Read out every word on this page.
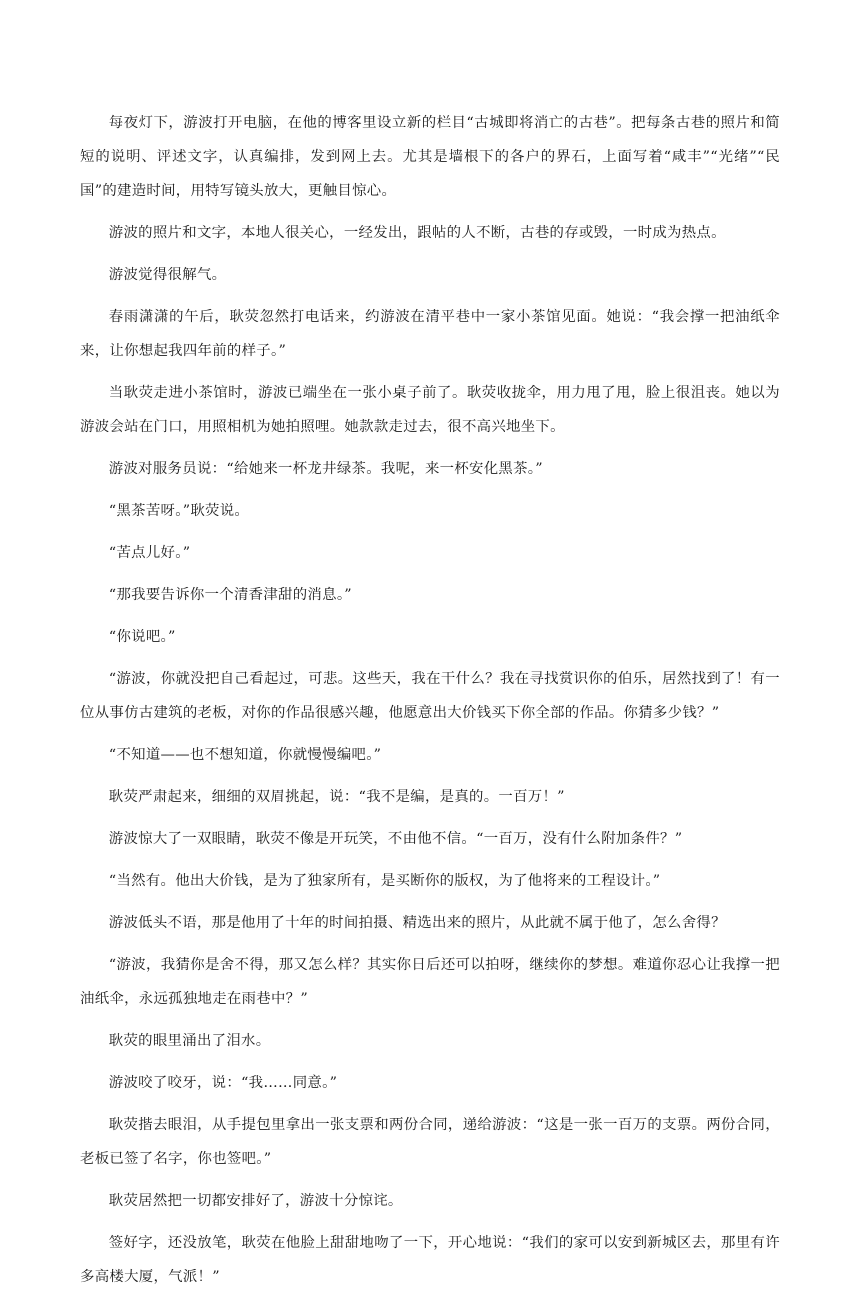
每夜灯下，游波打开电脑，在他的博客里设立新的栏目“古城即将消亡的古巷”。把每条古巷的照片和简短的说明、评述文字，认真编排，发到网上去。尤其是墙根下的各户的界石，上面写着“咸丰”“光绪”“民国”的建造时间，用特写镜头放大，更触目惊心。

游波的照片和文字，本地人很关心，一经发出，跟帖的人不断，古巷的存或毁，一时成为热点。

游波觉得很解气。

春雨潇潇的午后，耿荧忽然打电话来，约游波在清平巷中一家小茶馆见面。她说：“我会撑一把油纸伞来，让你想起我四年前的样子。”

当耿荧走进小茶馆时，游波已端坐在一张小桌子前了。耿荧收拢伞，用力甩了甩，脸上很沮丧。她以为游波会站在门口，用照相机为她拍照哩。她款款走过去，很不高兴地坐下。

游波对服务员说：“给她来一杯龙井绿茶。我呢，来一杯安化黑茶。”

“黑茶苦呀。”耿荧说。

“苦点儿好。”

“那我要告诉你一个清香津甜的消息。”

“你说吧。”

“游波，你就没把自己看起过，可悲。这些天，我在干什么？我在寻找赏识你的伯乐，居然找到了！有一位从事仿古建筑的老板，对你的作品很感兴趣，他愿意出大价钱买下你全部的作品。你猜多少钱？”

“不知道——也不想知道，你就慢慢编吧。”

耿荧严肃起来，细细的双眉挑起，说：“我不是编，是真的。一百万！”

游波惊大了一双眼睛，耿荧不像是开玩笑，不由他不信。“一百万，没有什么附加条件？”

“当然有。他出大价钱，是为了独家所有，是买断你的版权，为了他将来的工程设计。”

游波低头不语，那是他用了十年的时间拍摄、精选出来的照片，从此就不属于他了，怎么舍得？

“游波，我猜你是舍不得，那又怎么样？其实你日后还可以拍呀，继续你的梦想。难道你忍心让我撑一把油纸伞，永远孤独地走在雨巷中？”

耿荧的眼里涌出了泪水。

游波咬了咬牙，说：“我……同意。”

耿荧揩去眼泪，从手提包里拿出一张支票和两份合同，递给游波：“这是一张一百万的支票。两份合同，老板已签了名字，你也签吧。”

耿荧居然把一切都安排好了，游波十分惊诧。

签好字，还没放笔，耿荧在他脸上甜甜地吻了一下，开心地说：“我们的家可以安到新城区去，那里有许多高楼大厦，气派！”
